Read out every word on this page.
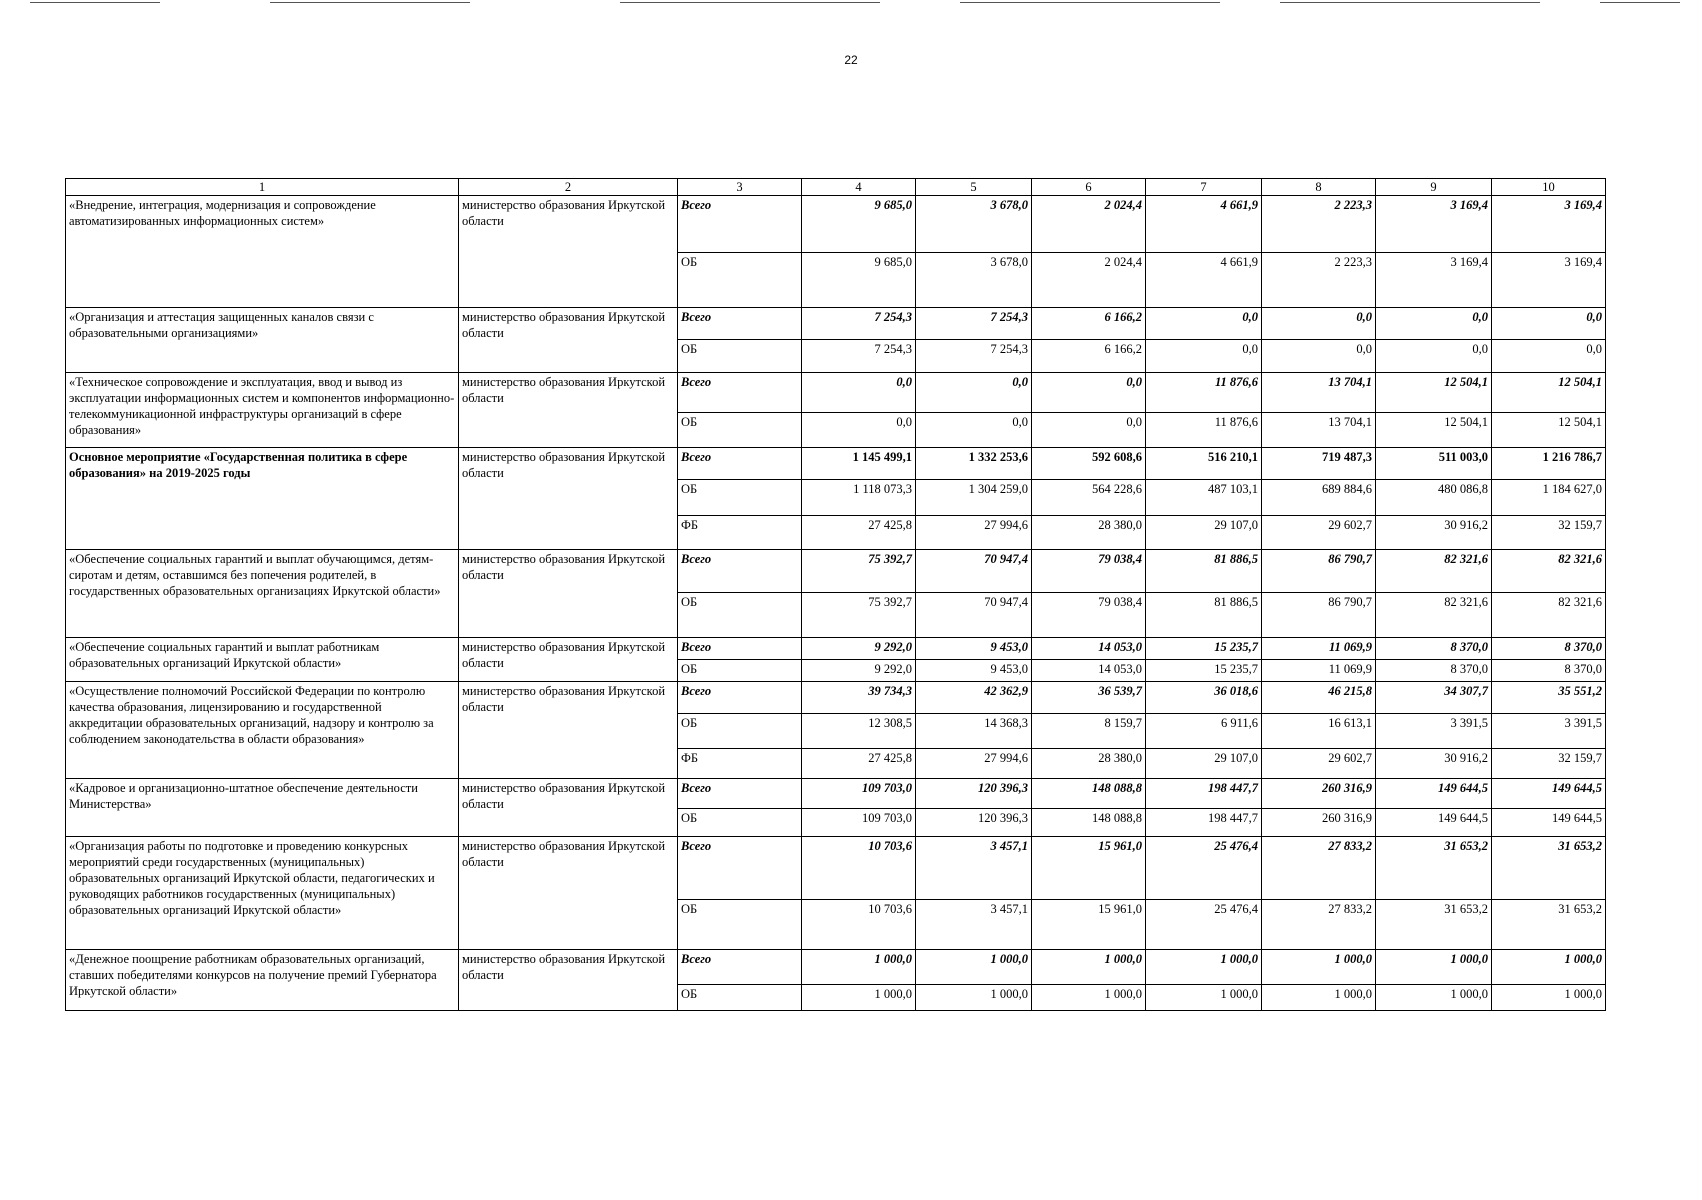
22
1	2	3	4	5	6	7	8	9	10
«Внедрение, интеграция, модернизация и сопровождение автоматизированных информационных систем»	министерство образования Иркутской области	Всего	9 685,0	3 678,0	2 024,4	4 661,9	2 223,3	3 169,4	3 169,4
		ОБ	9 685,0	3 678,0	2 024,4	4 661,9	2 223,3	3 169,4	3 169,4
«Организация и аттестация защищенных каналов связи с образовательными организациями»	министерство образования Иркутской области	Всего	7 254,3	7 254,3	6 166,2	0,0	0,0	0,0	0,0
		ОБ	7 254,3	7 254,3	6 166,2	0,0	0,0	0,0	0,0
«Техническое сопровождение и эксплуатация, ввод и вывод из эксплуатации информационных систем и компонентов информационно-телекоммуникационной инфраструктуры организаций в сфере образования»	министерство образования Иркутской области	Всего	0,0	0,0	0,0	11 876,6	13 704,1	12 504,1	12 504,1
		ОБ	0,0	0,0	0,0	11 876,6	13 704,1	12 504,1	12 504,1
Основное мероприятие «Государственная политика в сфере образования» на 2019-2025 годы	министерство образования Иркутской области	Всего	1 145 499,1	1 332 253,6	592 608,6	516 210,1	719 487,3	511 003,0	1 216 786,7
		ОБ	1 118 073,3	1 304 259,0	564 228,6	487 103,1	689 884,6	480 086,8	1 184 627,0
		ФБ	27 425,8	27 994,6	28 380,0	29 107,0	29 602,7	30 916,2	32 159,7
«Обеспечение социальных гарантий и выплат обучающимся, детям-сиротам и детям, оставшимся без попечения родителей, в государственных образовательных организациях Иркутской области»	министерство образования Иркутской области	Всего	75 392,7	70 947,4	79 038,4	81 886,5	86 790,7	82 321,6	82 321,6
		ОБ	75 392,7	70 947,4	79 038,4	81 886,5	86 790,7	82 321,6	82 321,6
«Обеспечение социальных гарантий и выплат работникам образовательных организаций Иркутской области»	министерство образования Иркутской области	Всего	9 292,0	9 453,0	14 053,0	15 235,7	11 069,9	8 370,0	8 370,0
		ОБ	9 292,0	9 453,0	14 053,0	15 235,7	11 069,9	8 370,0	8 370,0
«Осуществление полномочий Российской Федерации по контролю качества образования, лицензированию и государственной аккредитации образовательных организаций, надзору и контролю за соблюдением законодательства в области образования»	министерство образования Иркутской области	Всего	39 734,3	42 362,9	36 539,7	36 018,6	46 215,8	34 307,7	35 551,2
		ОБ	12 308,5	14 368,3	8 159,7	6 911,6	16 613,1	3 391,5	3 391,5
		ФБ	27 425,8	27 994,6	28 380,0	29 107,0	29 602,7	30 916,2	32 159,7
«Кадровое и организационно-штатное обеспечение деятельности Министерства»	министерство образования Иркутской области	Всего	109 703,0	120 396,3	148 088,8	198 447,7	260 316,9	149 644,5	149 644,5
		ОБ	109 703,0	120 396,3	148 088,8	198 447,7	260 316,9	149 644,5	149 644,5
«Организация работы по подготовке и проведению конкурсных мероприятий среди государственных (муниципальных) образовательных организаций Иркутской области, педагогических и руководящих работников государственных (муниципальных) образовательных организаций Иркутской области»	министерство образования Иркутской области	Всего	10 703,6	3 457,1	15 961,0	25 476,4	27 833,2	31 653,2	31 653,2
		ОБ	10 703,6	3 457,1	15 961,0	25 476,4	27 833,2	31 653,2	31 653,2
«Денежное поощрение работникам образовательных организаций, ставших победителями конкурсов на получение премий Губернатора Иркутской области»	министерство образования Иркутской области	Всего	1 000,0	1 000,0	1 000,0	1 000,0	1 000,0	1 000,0	1 000,0
		ОБ	1 000,0	1 000,0	1 000,0	1 000,0	1 000,0	1 000,0	1 000,0
